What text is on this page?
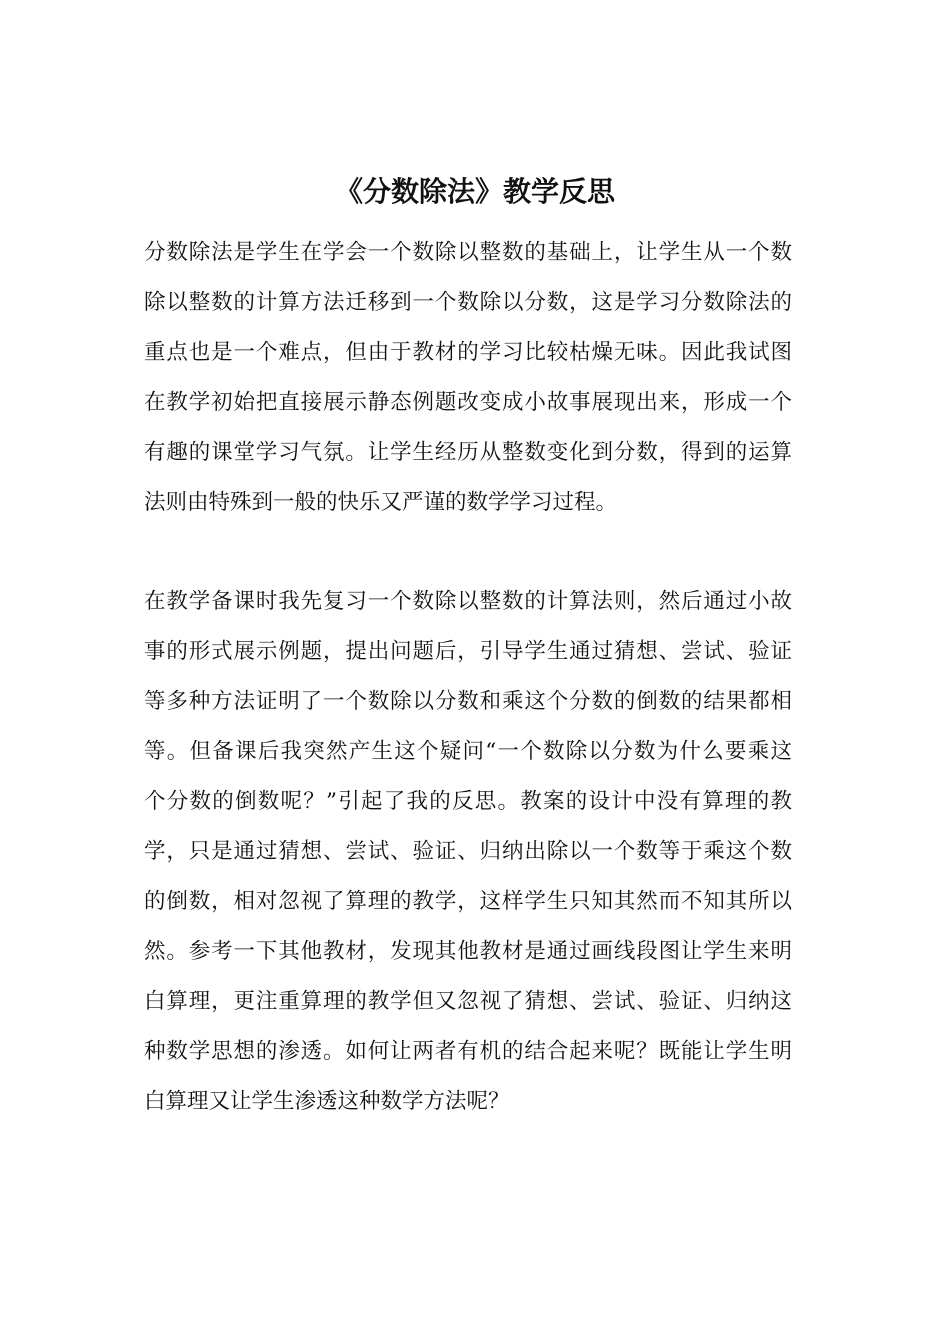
《分数除法》教学反思

分数除法是学生在学会一个数除以整数的基础上，让学生从一个数
除以整数的计算方法迁移到一个数除以分数，这是学习分数除法的
重点也是一个难点，但由于教材的学习比较枯燥无味。因此我试图
在教学初始把直接展示静态例题改变成小故事展现出来，形成一个
有趣的课堂学习气氛。让学生经历从整数变化到分数，得到的运算
法则由特殊到一般的快乐又严谨的数学学习过程。

在教学备课时我先复习一个数除以整数的计算法则，然后通过小故
事的形式展示例题，提出问题后，引导学生通过猜想、尝试、验证
等多种方法证明了一个数除以分数和乘这个分数的倒数的结果都相
等。但备课后我突然产生这个疑问“一个数除以分数为什么要乘这
个分数的倒数呢？”引起了我的反思。教案的设计中没有算理的教
学，只是通过猜想、尝试、验证、归纳出除以一个数等于乘这个数
的倒数，相对忽视了算理的教学，这样学生只知其然而不知其所以
然。参考一下其他教材，发现其他教材是通过画线段图让学生来明
白算理，更注重算理的教学但又忽视了猜想、尝试、验证、归纳这
种数学思想的渗透。如何让两者有机的结合起来呢？既能让学生明
白算理又让学生渗透这种数学方法呢？
